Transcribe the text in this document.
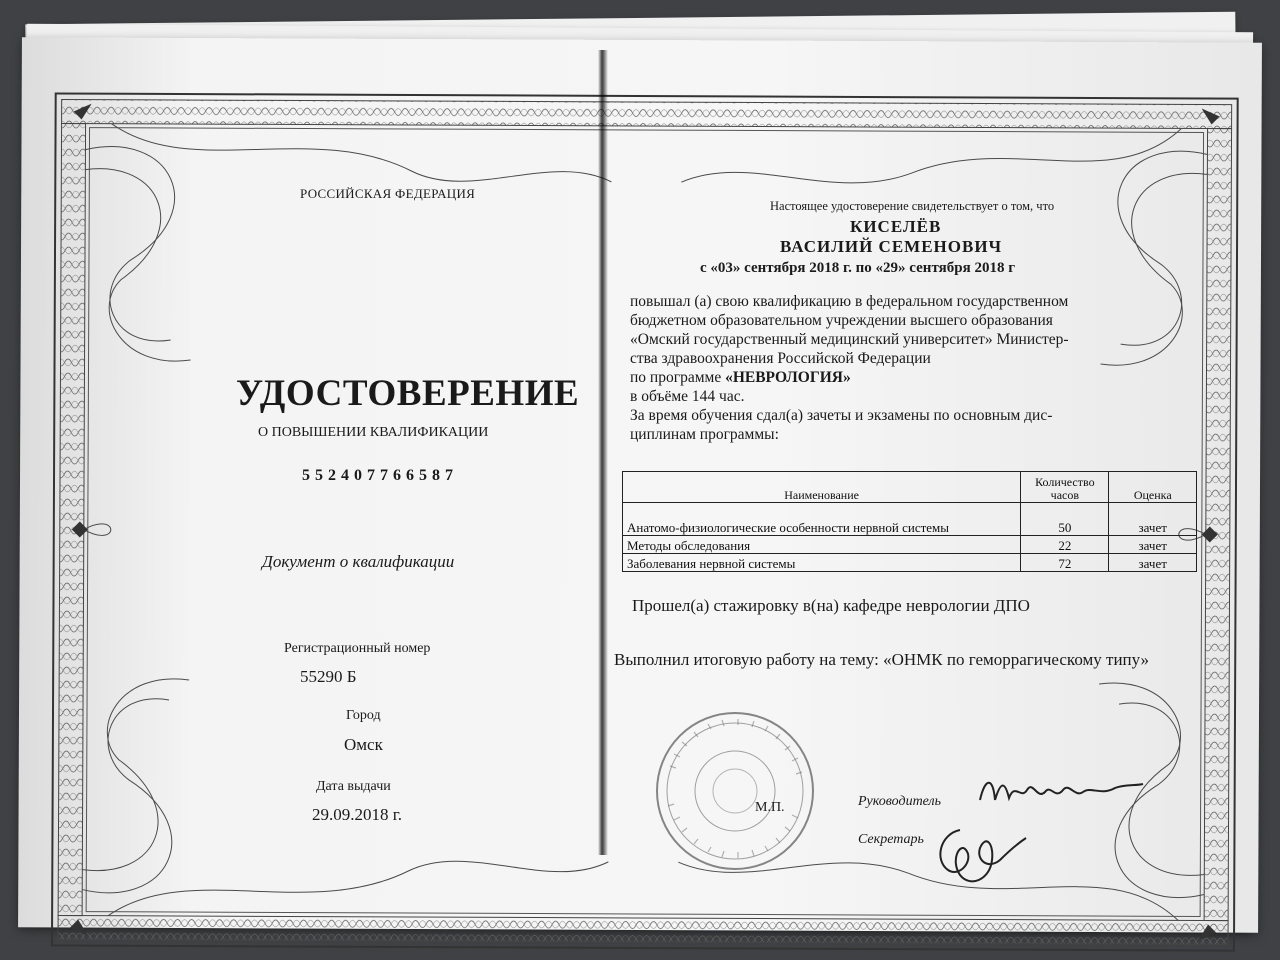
РОССИЙСКАЯ ФЕДЕРАЦИЯ
УДОСТОВЕРЕНИЕ
О ПОВЫШЕНИИ КВАЛИФИКАЦИИ
552407766587
Документ о квалификации
Регистрационный номер
55290 Б
Город
Омск
Дата выдачи
29.09.2018 г.
Настоящее удостоверение свидетельствует о том, что
КИСЕЛЁВ
ВАСИЛИЙ СЕМЕНОВИЧ
с «03» сентября 2018 г. по «29» сентября 2018 г

повышал (а) свою квалификацию в федеральном государственном

бюджетном образовательном учреждении высшего образования

«Омский государственный медицинский университет» Министер-

ства здравоохранения Российской Федерации

по программе «НЕВРОЛОГИЯ»

в объёме 144 час.

За время обучения сдал(а) зачеты и экзамены по основным дис-

циплинам программы:

Наименование	Количество часов	Оценка
Анатомо-физиологические особенности нервной системы	50	зачет
Методы обследования	22	зачет
Заболевания нервной системы	72	зачет
Прошел(а) стажировку в(на) кафедре неврологии ДПО
Выполнил итоговую работу на тему: «ОНМК по геморрагическому типу»
М.П.	Руководитель
Секретарь
